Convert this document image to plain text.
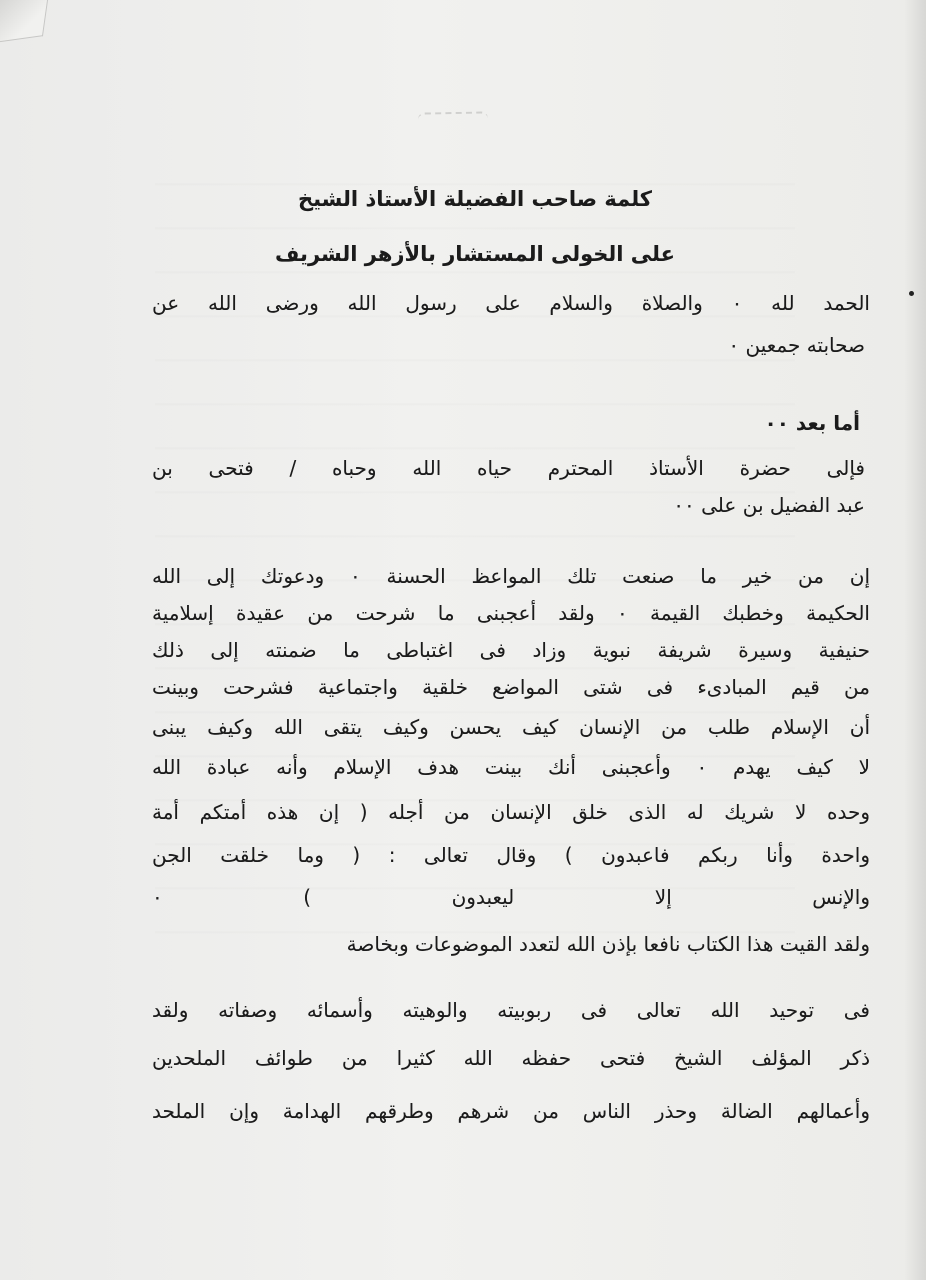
كلمة صاحب الفضيلة الأستاذ الشيخ
على الخولى المستشار بالأزهر الشريف
الحمد لله ٠ والصلاة والسلام على رسول الله ورضى الله عن
صحابته جمعين ٠
أما بعد ٠٠
فإلى حضرة الأستاذ المحترم حياه الله وحباه / فتحى بن
عبد الفضيل بن على ٠٠
إن من خير ما صنعت تلك المواعظ الحسنة ٠ ودعوتك إلى الله
الحكيمة وخطبك القيمة ٠ ولقد أعجبنى ما شرحت من عقيدة إسلامية
حنيفية وسيرة شريفة نبوية وزاد فى اغتباطى ما ضمنته إلى ذلك
من قيم المبادىء فى شتى المواضع خلقية واجتماعية فشرحت وبينت
أن الإسلام طلب من الإنسان كيف يحسن وكيف يتقى الله وكيف يبنى
لا كيف يهدم ٠ وأعجبنى أنك بينت هدف الإسلام وأنه عبادة الله
وحده لا شريك له الذى خلق الإنسان من أجله ( إن هذه أمتكم أمة
واحدة وأنا ربكم فاعبدون ) وقال تعالى : ( وما خلقت الجن
والإنس إلا ليعبدون ) ٠
ولقد القيت هذا الكتاب نافعا بإذن الله لتعدد الموضوعات وبخاصة
فى توحيد الله تعالى فى ربوبيته والوهيته وأسمائه وصفاته ولقد
ذكر المؤلف الشيخ فتحى حفظه الله كثيرا من طوائف الملحدين
وأعمالهم الضالة وحذر الناس من شرهم وطرقهم الهدامة وإن الملحد
